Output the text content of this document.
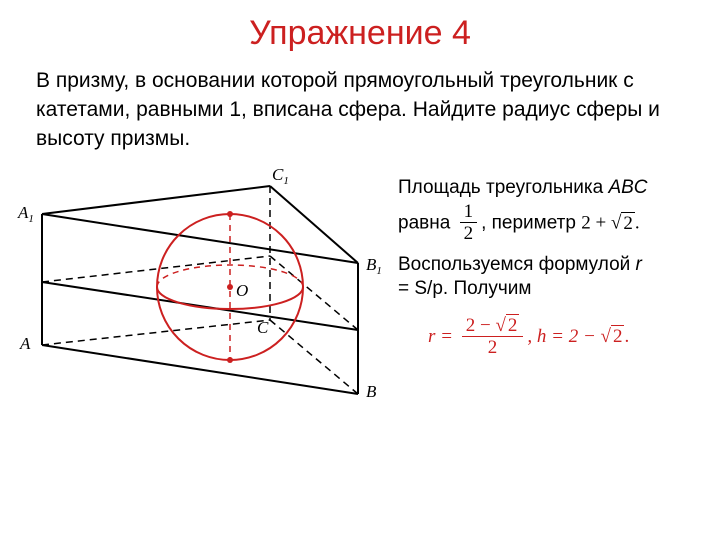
Упражнение 4
В призму, в основании которой прямоугольный треугольник с катетами, равными 1, вписана сфера. Найдите радиус сферы и высоту призмы.
$A_1$
$C_1$
$B_1$
A
B
C
O
Площадь треугольника ABC
равна $\frac{1}{2}$ , периметр 2 + √ 2 .
Воспользуемся формулой r
= S/p. Получим
$r = \frac{2 - √ 2}{2}$ , h = 2 − √ 2 .
